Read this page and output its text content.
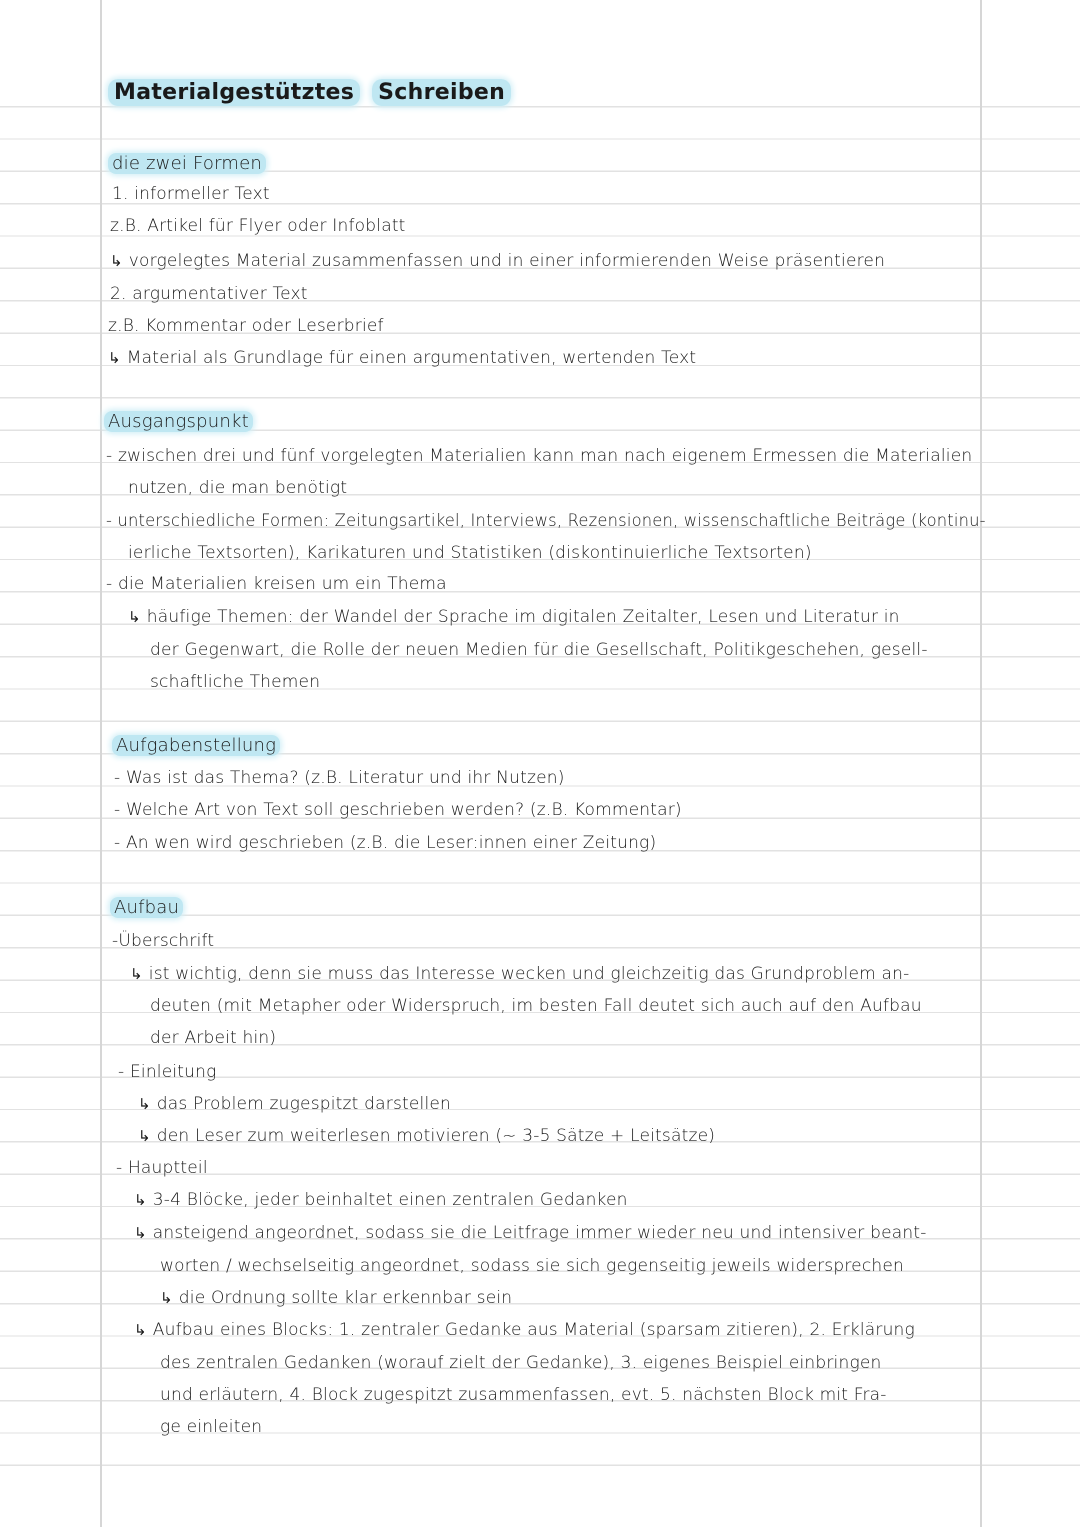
Materialgestütztes Schreiben
die zwei Formen
1. informeller Text
z.B. Artikel für Flyer oder Infoblatt
↳ vorgelegtes Material zusammenfassen und in einer informierenden Weise präsentieren
2. argumentativer Text
z.B. Kommentar oder Leserbrief
↳ Material als Grundlage für einen argumentativen, wertenden Text
Ausgangspunkt
- zwischen drei und fünf vorgelegten Materialien kann man nach eigenem Ermessen die Materialien
nutzen, die man benötigt
- unterschiedliche Formen: Zeitungsartikel, Interviews, Rezensionen, wissenschaftliche Beiträge (kontinu-
ierliche Textsorten), Karikaturen und Statistiken (diskontinuierliche Textsorten)
- die Materialien kreisen um ein Thema
↳ häufige Themen: der Wandel der Sprache im digitalen Zeitalter, Lesen und Literatur in
der Gegenwart, die Rolle der neuen Medien für die Gesellschaft, Politikgeschehen, gesell-
schaftliche Themen
Aufgabenstellung
- Was ist das Thema? (z.B. Literatur und ihr Nutzen)
- Welche Art von Text soll geschrieben werden? (z.B. Kommentar)
- An wen wird geschrieben (z.B. die Leser:innen einer Zeitung)
Aufbau
-Überschrift
↳ ist wichtig, denn sie muss das Interesse wecken und gleichzeitig das Grundproblem an-
deuten (mit Metapher oder Widerspruch, im besten Fall deutet sich auch auf den Aufbau
der Arbeit hin)
- Einleitung
↳ das Problem zugespitzt darstellen
↳ den Leser zum weiterlesen motivieren (~ 3-5 Sätze + Leitsätze)
- Hauptteil
↳ 3-4 Blöcke, jeder beinhaltet einen zentralen Gedanken
↳ ansteigend angeordnet, sodass sie die Leitfrage immer wieder neu und intensiver beant-
worten / wechselseitig angeordnet, sodass sie sich gegenseitig jeweils widersprechen
↳ die Ordnung sollte klar erkennbar sein
↳ Aufbau eines Blocks: 1. zentraler Gedanke aus Material (sparsam zitieren), 2. Erklärung
des zentralen Gedanken (worauf zielt der Gedanke), 3. eigenes Beispiel einbringen
und erläutern, 4. Block zugespitzt zusammenfassen, evt. 5. nächsten Block mit Fra-
ge einleiten
